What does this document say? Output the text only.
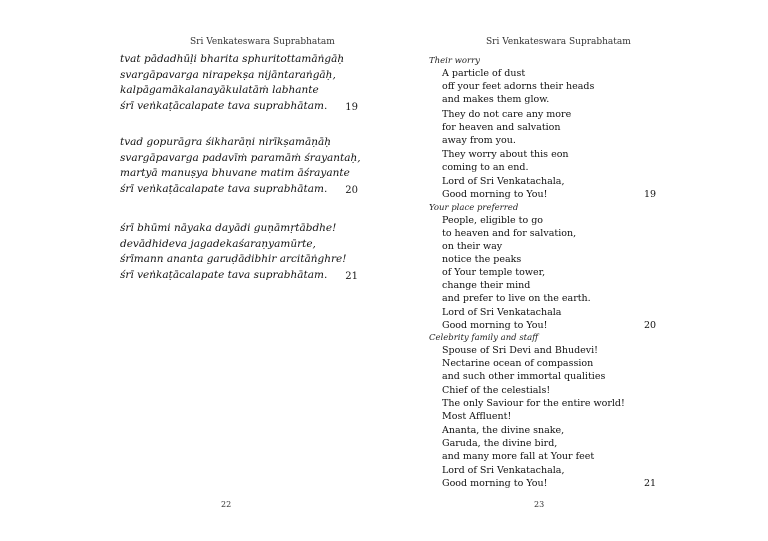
Sri Venkateswara Suprabhatam
tvat pādadhūḷi bharita sphuritottamāṅgāḥ
svargāpavarga nirapekṣa nijāntaraṅgāḥ,
kalpāgamākalanayākulatāṁ labhante
śrī veṅkaṭācalapate tava suprabhātam.	19
tvad gopurāgra śikharāṇi nirīkṣamāṇāḥ
svargāpavarga padavīṁ paramāṁ śrayantaḥ,
martyā manuṣya bhuvane matim āśrayante
śrī veṅkaṭācalapate tava suprabhātam.	20
śrī bhūmi nāyaka dayādi guṇāmṛtābdhe!
devādhideva jagadekaśaraṇyamūrte,
śrīmann ananta garuḍādibhir arcitāṅghre!
śrī veṅkaṭācalapate tava suprabhātam.	21
22
Sri Venkateswara Suprabhatam
Their worry
A particle of dust
off your feet adorns their heads
and makes them glow.
They do not care any more
for heaven and salvation
away from you.
They worry about this eon
coming to an end.
Lord of Sri Venkatachala,
Good morning to You!	19
Your place preferred
People, eligible to go
to heaven and for salvation,
on their way
notice the peaks
of Your temple tower,
change their mind
and prefer to live on the earth.
Lord of Sri Venkatachala
Good morning to You!	20
Celebrity family and staff
Spouse of Sri Devi and Bhudevi!
Nectarine ocean of compassion
and such other immortal qualities
Chief of the celestials!
The only Saviour for the entire world!
Most Affluent!
Ananta, the divine snake,
Garuda, the divine bird,
and many more fall at Your feet
Lord of Sri Venkatachala,
Good morning to You!	21
23
